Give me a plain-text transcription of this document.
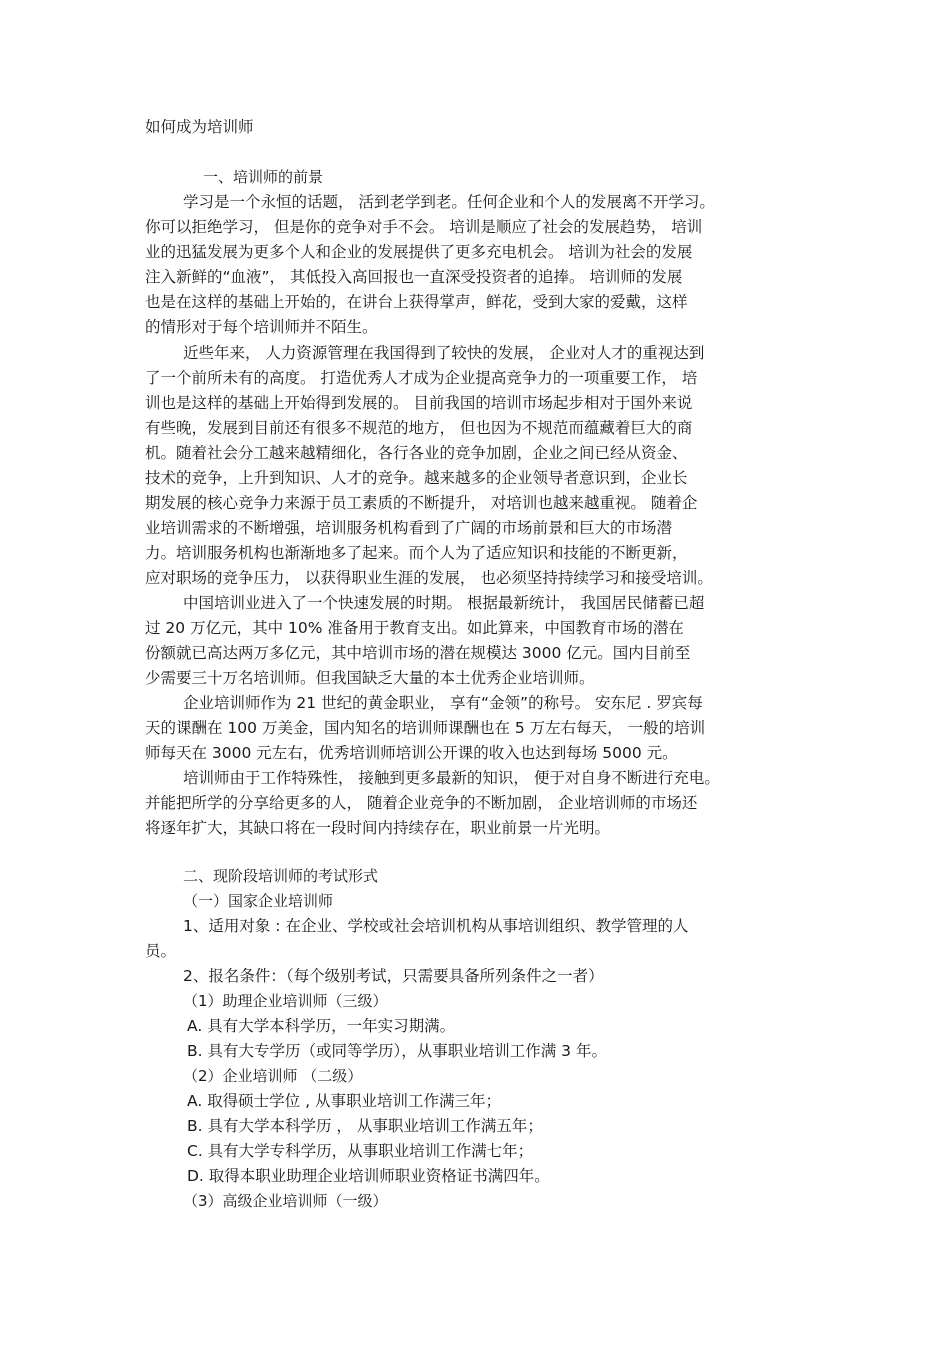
如何成为培训师
一、培训师的前景
学习是一个永恒的话题， 活到老学到老。任何企业和个人的发展离不开学习。
你可以拒绝学习， 但是你的竞争对手不会。 培训是顺应了社会的发展趋势， 培训
业的迅猛发展为更多个人和企业的发展提供了更多充电机会。 培训为社会的发展
注入新鲜的“血液”， 其低投入高回报也一直深受投资者的追捧。 培训师的发展
也是在这样的基础上开始的，在讲台上获得掌声，鲜花，受到大家的爱戴，这样
的情形对于每个培训师并不陌生。
近些年来， 人力资源管理在我国得到了较快的发展， 企业对人才的重视达到
了一个前所未有的高度。 打造优秀人才成为企业提高竞争力的一项重要工作， 培
训也是这样的基础上开始得到发展的。 目前我国的培训市场起步相对于国外来说
有些晚，发展到目前还有很多不规范的地方， 但也因为不规范而蕴藏着巨大的商
机。随着社会分工越来越精细化，各行各业的竞争加剧，企业之间已经从资金、
技术的竞争，上升到知识、人才的竞争。越来越多的企业领导者意识到，企业长
期发展的核心竞争力来源于员工素质的不断提升， 对培训也越来越重视。 随着企
业培训需求的不断增强，培训服务机构看到了广阔的市场前景和巨大的市场潜
力。培训服务机构也渐渐地多了起来。而个人为了适应知识和技能的不断更新，
应对职场的竞争压力， 以获得职业生涯的发展， 也必须坚持持续学习和接受培训。
中国培训业进入了一个快速发展的时期。 根据最新统计， 我国居民储蓄已超
过 20 万亿元，其中 10% 准备用于教育支出。如此算来，中国教育市场的潜在
份额就已高达两万多亿元，其中培训市场的潜在规模达 3000 亿元。国内目前至
少需要三十万名培训师。但我国缺乏大量的本土优秀企业培训师。
企业培训师作为 21 世纪的黄金职业， 享有“金领”的称号。 安东尼 . 罗宾每
天的课酬在 100 万美金，国内知名的培训师课酬也在 5 万左右每天， 一般的培训
师每天在 3000 元左右，优秀培训师培训公开课的收入也达到每场 5000 元。
培训师由于工作特殊性， 接触到更多最新的知识， 便于对自身不断进行充电。
并能把所学的分享给更多的人， 随着企业竞争的不断加剧， 企业培训师的市场还
将逐年扩大，其缺口将在一段时间内持续存在，职业前景一片光明。
二、现阶段培训师的考试形式
（一）国家企业培训师
1、适用对象 : 在企业、学校或社会培训机构从事培训组织、教学管理的人
员。
2、报名条件：（每个级别考试，只需要具备所列条件之一者）
（1）助理企业培训师（三级）
A. 具有大学本科学历，一年实习期满。
B. 具有大专学历（或同等学历），从事职业培训工作满 3 年。
（2）企业培训师 （二级）
A. 取得硕士学位 , 从事职业培训工作满三年；
B. 具有大学本科学历 ， 从事职业培训工作满五年；
C. 具有大学专科学历，从事职业培训工作满七年；
D. 取得本职业助理企业培训师职业资格证书满四年。
（3）高级企业培训师（一级）
